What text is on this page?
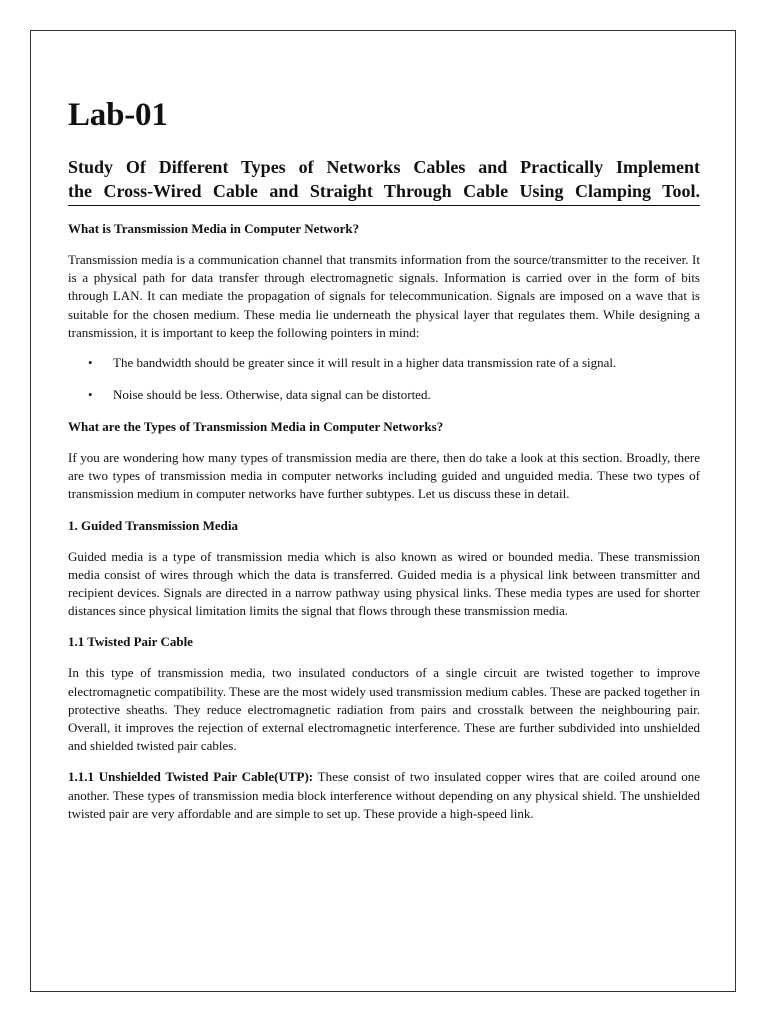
Lab-01
Study Of Different Types of Networks Cables and Practically Implement
the Cross-Wired Cable and Straight Through Cable Using Clamping Tool.
What is Transmission Media in Computer Network?

Transmission media is a communication channel that transmits information from the source/transmitter to the receiver. It is a physical path for data transfer through electromagnetic signals. Information is carried over in the form of bits through LAN. It can mediate the propagation of signals for telecommunication. Signals are imposed on a wave that is suitable for the chosen medium. These media lie underneath the physical layer that regulates them. While designing a transmission, it is important to keep the following pointers in mind:

• The bandwidth should be greater since it will result in a higher data transmission rate of a signal.
• Noise should be less. Otherwise, data signal can be distorted.
What are the Types of Transmission Media in Computer Networks?

If you are wondering how many types of transmission media are there, then do take a look at this section. Broadly, there are two types of transmission media in computer networks including guided and unguided media. These two types of transmission medium in computer networks have further subtypes. Let us discuss these in detail.

1. Guided Transmission Media

Guided media is a type of transmission media which is also known as wired or bounded media. These transmission media consist of wires through which the data is transferred. Guided media is a physical link between transmitter and recipient devices. Signals are directed in a narrow pathway using physical links. These media types are used for shorter distances since physical limitation limits the signal that flows through these transmission media.

1.1 Twisted Pair Cable

In this type of transmission media, two insulated conductors of a single circuit are twisted together to improve electromagnetic compatibility. These are the most widely used transmission medium cables. These are packed together in protective sheaths. They reduce electromagnetic radiation from pairs and crosstalk between the neighbouring pair. Overall, it improves the rejection of external electromagnetic interference. These are further subdivided into unshielded and shielded twisted pair cables.

1.1.1 Unshielded Twisted Pair Cable(UTP): These consist of two insulated copper wires that are coiled around one another. These types of transmission media block interference without depending on any physical shield. The unshielded twisted pair are very affordable and are simple to set up. These provide a high-speed link.
